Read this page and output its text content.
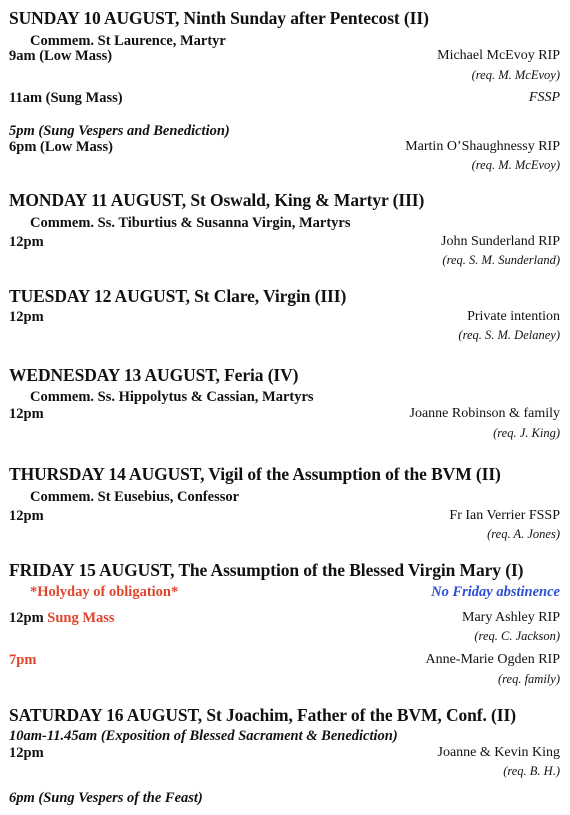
SUNDAY 10 AUGUST, Ninth Sunday after Pentecost (II)
Commem. St Laurence, Martyr
9am (Low Mass)	Michael McEvoy RIP
(req. M. McEvoy)
11am (Sung Mass)	FSSP
5pm (Sung Vespers and Benediction)
6pm (Low Mass)	Martin O’Shaughnessy RIP
(req. M. McEvoy)
MONDAY 11 AUGUST, St Oswald, King & Martyr (III)
Commem. Ss. Tiburtius & Susanna Virgin, Martyrs
12pm	John Sunderland RIP
(req. S. M. Sunderland)
TUESDAY 12 AUGUST, St Clare, Virgin (III)
12pm	Private intention
(req. S. M. Delaney)
WEDNESDAY 13 AUGUST, Feria (IV)
Commem. Ss. Hippolytus & Cassian, Martyrs
12pm	Joanne Robinson & family
(req. J. King)
THURSDAY 14 AUGUST, Vigil of the Assumption of the BVM (II)
Commem. St Eusebius, Confessor
12pm	Fr Ian Verrier FSSP
(req. A. Jones)
FRIDAY 15 AUGUST, The Assumption of the Blessed Virgin Mary (I)
*Holyday of obligation*	No Friday abstinence
12pm Sung Mass	Mary Ashley RIP
(req. C. Jackson)
7pm	Anne-Marie Ogden RIP
(req. family)
SATURDAY 16 AUGUST, St Joachim, Father of the BVM, Conf. (II)
10am-11.45am (Exposition of Blessed Sacrament & Benediction)
12pm	Joanne & Kevin King
(req. B. H.)
6pm (Sung Vespers of the Feast)
